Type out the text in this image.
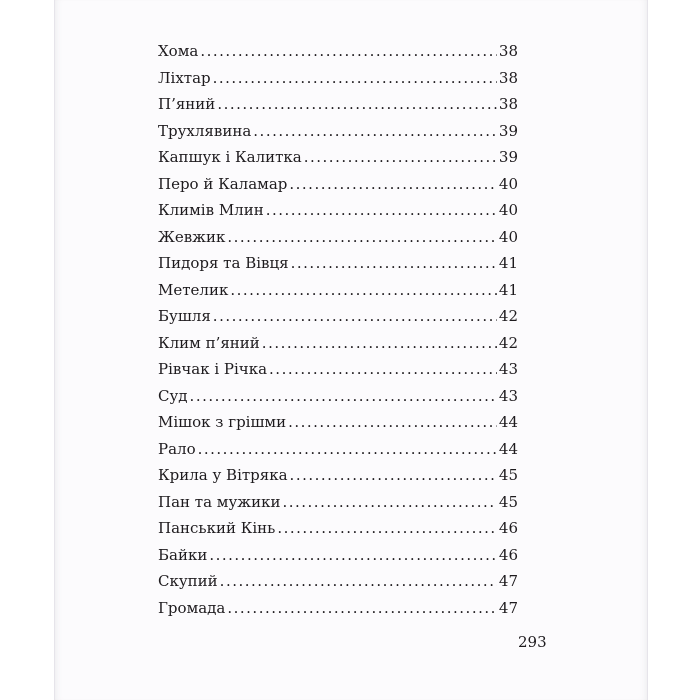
Хома .....	38
Ліхтар .....	38
П’яний .....	38
Трухлявина .....	39
Капшук і Калитка .....	39
Перо й Каламар .....	40
Климів Млин .....	40
Жевжик .....	40
Пидоря та Вівця .....	41
Метелик .....	41
Бушля .....	42
Клим п’яний .....	42
Рівчак і Річка .....	43
Суд .....	43
Мішок з грішми .....	44
Рало .....	44
Крила у Вітряка .....	45
Пан та мужики .....	45
Панський Кінь .....	46
Байки .....	46
Скупий .....	47
Громада .....	47
293
